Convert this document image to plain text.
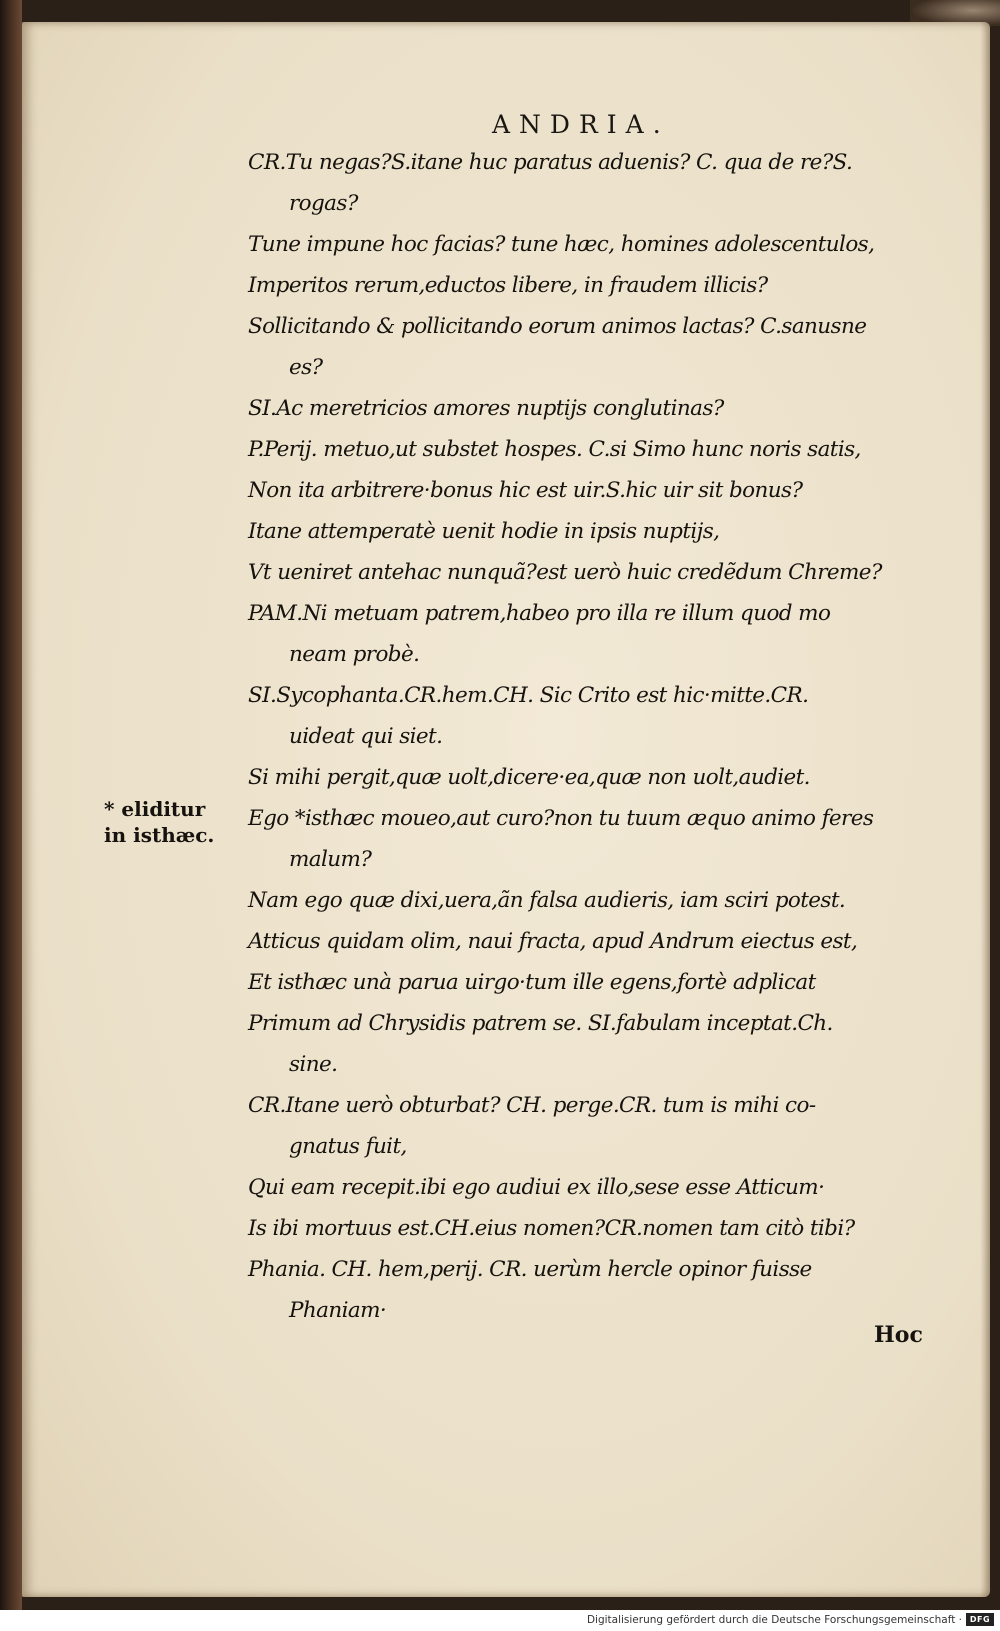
ANDRIA.
CR.Tu negas?S.itane huc paratus aduenis? C. qua de re?S.
rogas?
Tune impune hoc facias? tune hæc, homines adolescentulos,
Imperitos rerum,eductos libere, in fraudem illicis?
Sollicitando & pollicitando eorum animos lactas? C.sanusne
es?
SI.Ac meretricios amores nuptijs conglutinas?
P.Perij. metuo,ut substet hospes. C.si Simo hunc noris satis,
Non ita arbitrere·bonus hic est uir.S.hic uir sit bonus?
Itane attemperatè uenit hodie in ipsis nuptijs,
Vt ueniret antehac nunquã?est uerò huic credẽdum Chreme?
PAM.Ni metuam patrem,habeo pro illa re illum quod mo
neam probè.
SI.Sycophanta.CR.hem.CH. Sic Crito est hic·mitte.CR.
uideat qui siet.
Si mihi pergit,quæ uolt,dicere·ea,quæ non uolt,audiet.
Ego *isthæc moueo,aut curo?non tu tuum æquo animo feres
malum?
Nam ego quæ dixi,uera,ãn falsa audieris, iam sciri potest.
Atticus quidam olim, naui fracta, apud Andrum eiectus est,
Et isthæc unà parua uirgo·tum ille egens,fortè adplicat
Primum ad Chrysidis patrem se. SI.fabulam inceptat.Ch.
sine.
CR.Itane uerò obturbat? CH. perge.CR. tum is mihi co-
gnatus fuit,
Qui eam recepit.ibi ego audiui ex illo,sese esse Atticum·
Is ibi mortuus est.CH.eius nomen?CR.nomen tam citò tibi?
Phania. CH. hem,perij. CR. uerùm hercle opinor fuisse
Phaniam·
* eliditur
in isthæc.
Hoc
Digitalisierung gefördert durch die Deutsche Forschungsgemeinschaft · DFG
